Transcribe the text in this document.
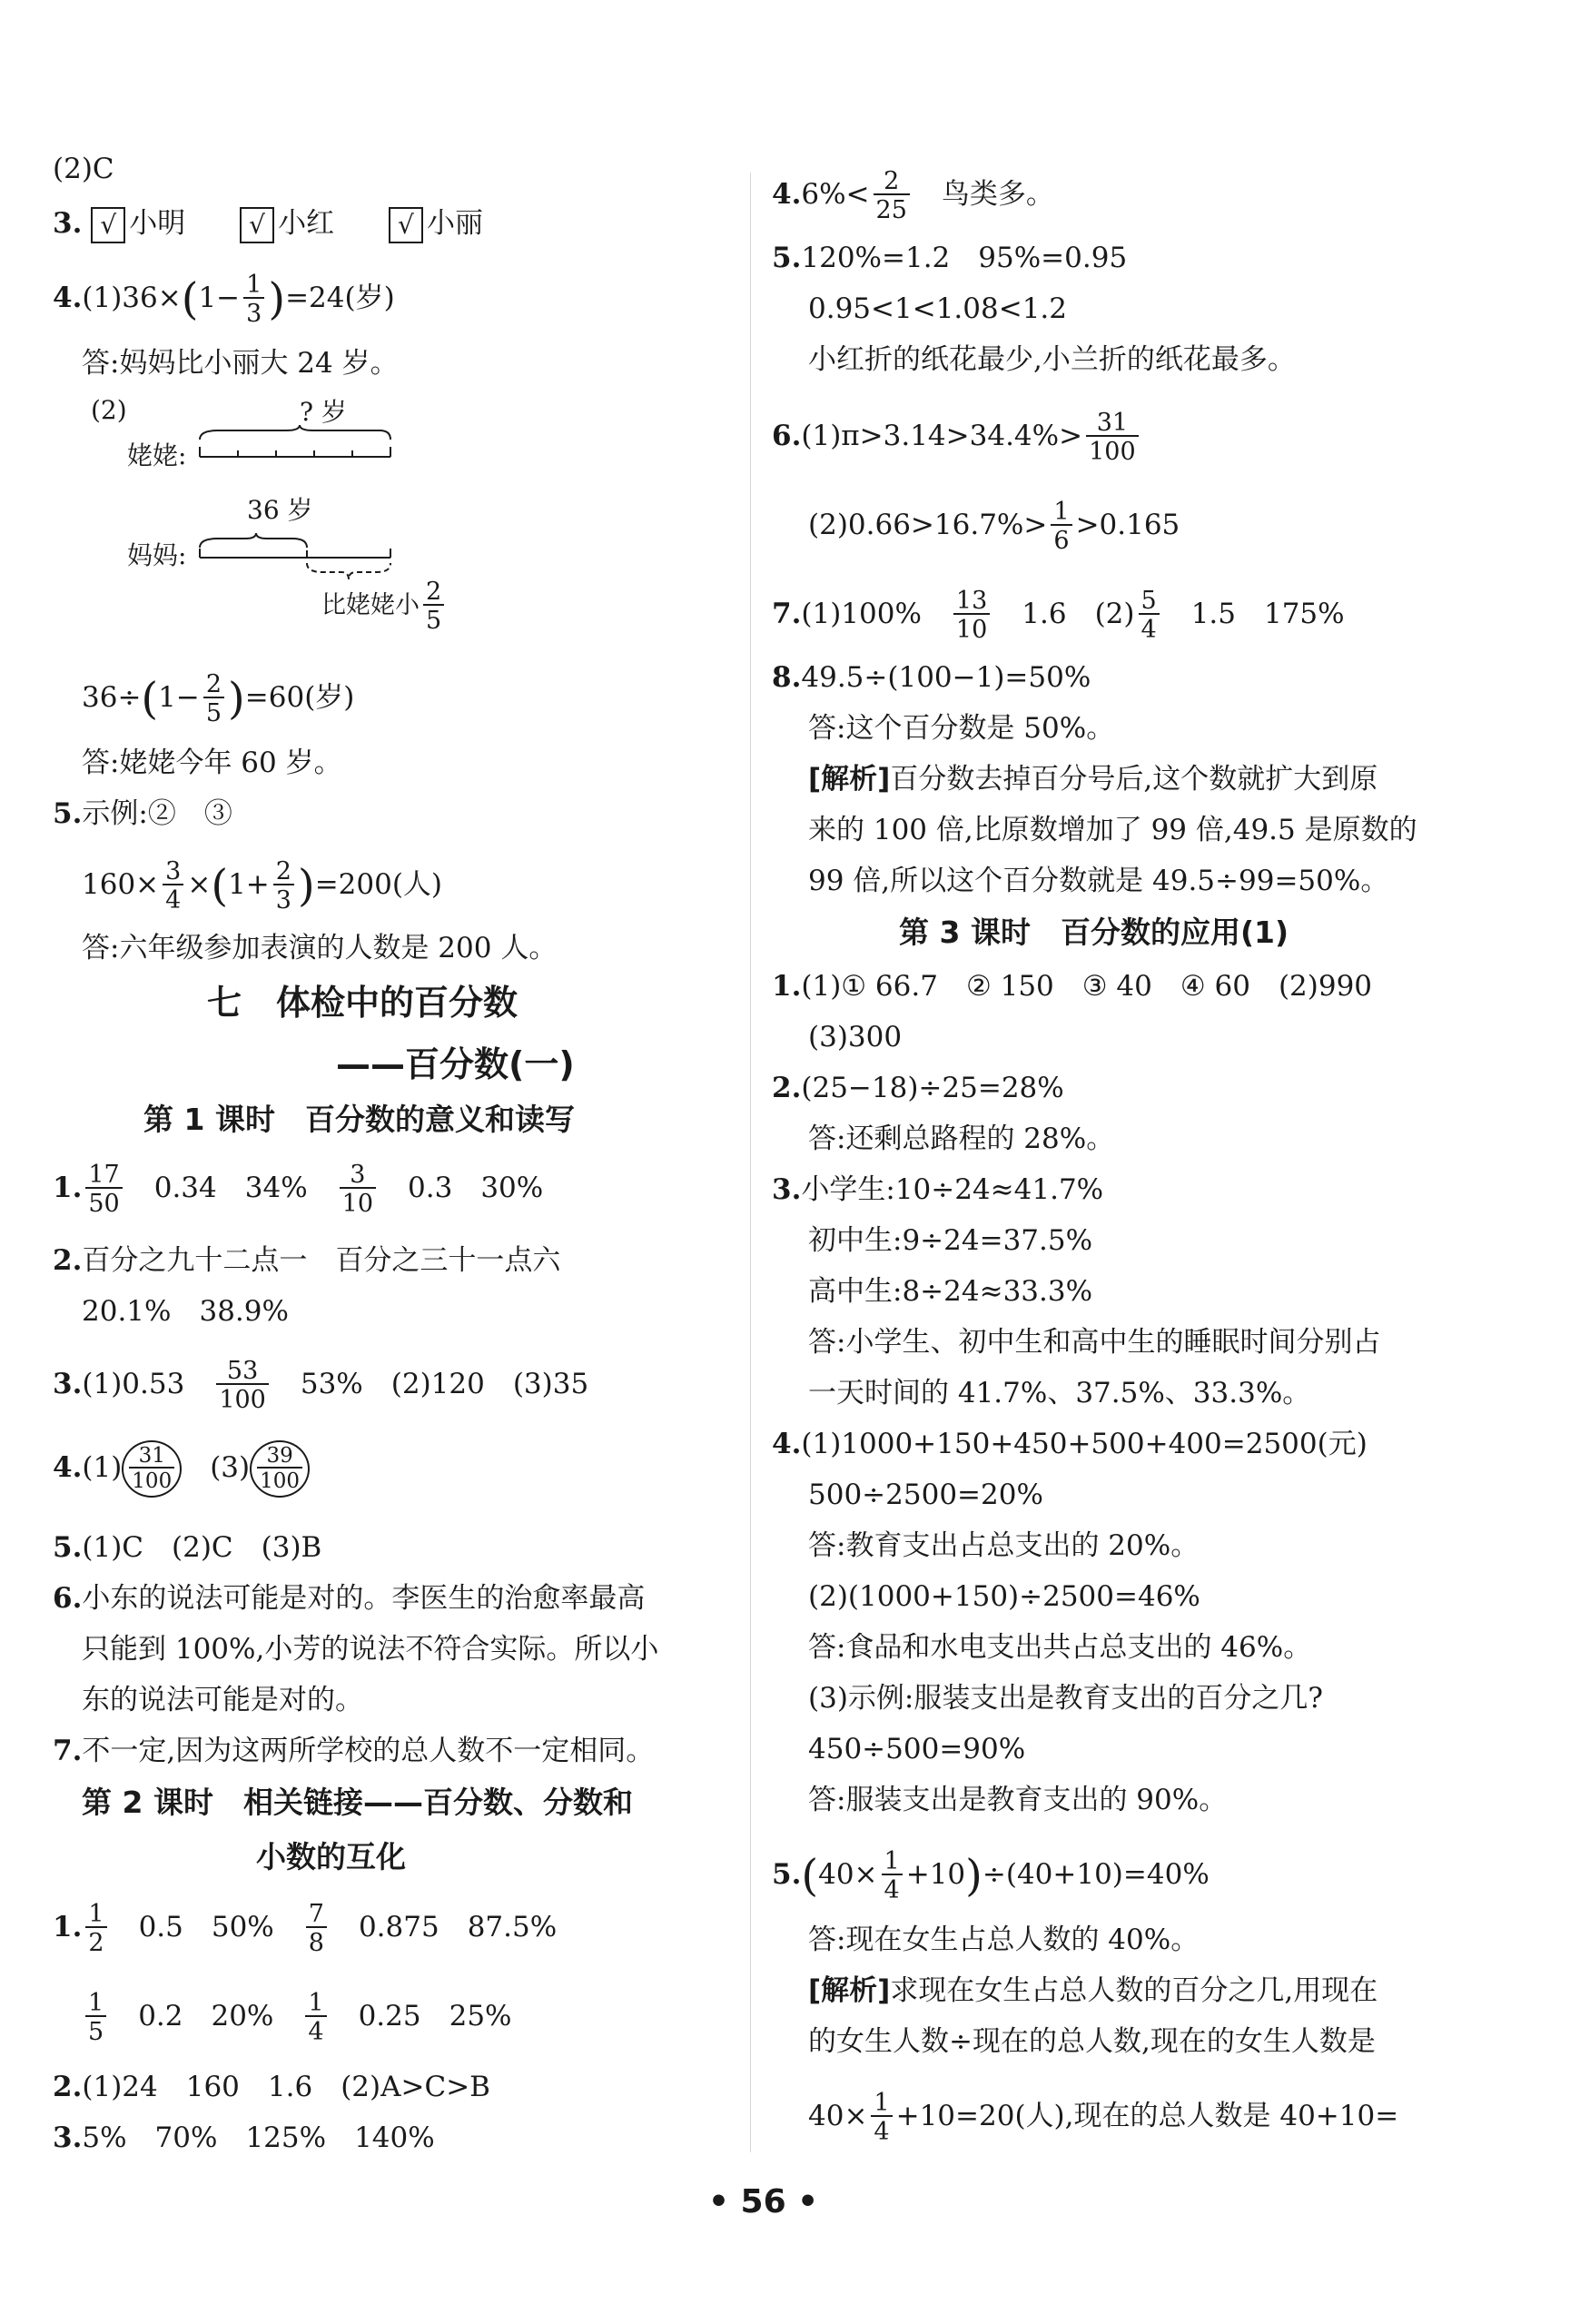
(2)C
3. √ 小明 √ 小红 √ 小丽
$4.(1)36\times(1- \frac{1}{3} )=24$(岁)
答:妈妈比小丽大 24 岁。
(2)	? 岁
姥姥:
36 岁
妈妈:
比姥姥小 $\frac{2}{5}$
$36\div(1- \frac{2}{5} )=60$(岁)
答:姥姥今年 60 岁。
5.示例:②　③
$160\times \frac{3}{4} \times(1+ \frac{2}{3} )=200$(人)
答:六年级参加表演的人数是 200 人。
七　体检中的百分数
——百分数(一)
第 1 课时　百分数的意义和读写
1. $\frac{17}{50}$
　 0.34　34%　 $\frac{3}{10}$
　 0.3　30%
2.百分之九十二点一　百分之三十一点六
20.1%　38.9%
3.(1)0.53　 $\frac{53}{100}$
　 53%　(2)120　(3)35
$4.(1) \frac{31}{100}$
　 $(3) \frac{39}{100}$
5.(1)C　(2)C　(3)B
6.小东的说法可能是对的。李医生的治愈率最高
只能到 100%,小芳的说法不符合实际。所以小
东的说法可能是对的。
7.不一定,因为这两所学校的总人数不一定相同。
第 2 课时　相关链接——百分数、分数和
小数的互化
1. $\frac{1}{2}$
　 0.5　50%　 $\frac{7}{8}$
　 0.875　87.5%
$\frac{1}{5}$
　 0.2　20%　 $\frac{1}{4}$
　 0.25　25%
2.(1)24　160　1.6　(2)A>C>B
3.5%　70%　125%　140%
$4.6\%< \frac{2}{25}$ 　鸟类多。
5.120%=1.2　95%=0.95
0.95<1<1.08<1.2
小红折的纸花最少,小兰折的纸花最多。
$6.(1)\pi>3.14>34.4\%> \frac{31}{100}$
$(2)0.66>16.7\%> \frac{1}{6} >0.165$
7.(1)100%　 $\frac{13}{10}$
　 1.6　$(2) \frac{5}{4}$
　 1.5　175%
8.49.5÷(100−1)=50%
答:这个百分数是 50%。
[解析]百分数去掉百分号后,这个数就扩大到原
来的 100 倍,比原数增加了 99 倍,49.5 是原数的
99 倍,所以这个百分数就是 49.5÷99=50%。
第 3 课时　百分数的应用(1)
1.(1)① 66.7　② 150　③ 40　④ 60　(2)990
(3)300
2.(25−18)÷25=28%
答:还剩总路程的 28%。
3.小学生:10÷24≈41.7%
初中生:9÷24=37.5%
高中生:8÷24≈33.3%
答:小学生、初中生和高中生的睡眠时间分别占
一天时间的 41.7%、37.5%、33.3%。
4.(1)1000+150+450+500+400=2500(元)
500÷2500=20%
答:教育支出占总支出的 20%。
(2)(1000+150)÷2500=46%
答:食品和水电支出共占总支出的 46%。
(3)示例:服装支出是教育支出的百分之几?
450÷500=90%
答:服装支出是教育支出的 90%。
$5.(40\times \frac{1}{4} +10)\div(40+10)=40\%$
答:现在女生占总人数的 40%。
[解析]求现在女生占总人数的百分之几,用现在
的女生人数÷现在的总人数,现在的女生人数是
$40\times \frac{1}{4} +10=20$(人),现在的总人数是 40+10=
• 56 •
